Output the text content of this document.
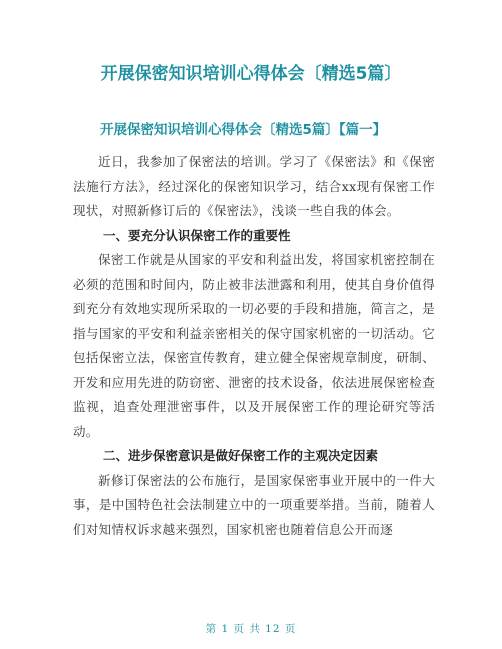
开展保密知识培训心得体会〔精选5篇〕
开展保密知识培训心得体会〔精选5篇〕【篇一】

近日，我参加了保密法的培训。学习了《保密法》和《保密法施行方法》，经过深化的保密知识学习，结合xx现有保密工作现状，对照新修订后的《保密法》，浅谈一些自我的体会。

一、要充分认识保密工作的重要性

保密工作就是从国家的平安和利益出发，将国家机密控制在必须的范围和时间内，防止被非法泄露和利用，使其自身价值得到充分有效地实现所采取的一切必要的手段和措施，简言之，是指与国家的平安和利益亲密相关的保守国家机密的一切活动。它包括保密立法，保密宣传教育，建立健全保密规章制度，研制、开发和应用先进的防窃密、泄密的技术设备，依法进展保密检查监视，追查处理泄密事件，以及开展保密工作的理论研究等活动。

二、进步保密意识是做好保密工作的主观决定因素

新修订保密法的公布施行，是国家保密事业开展中的一件大事，是中国特色社会法制建立中的一项重要举措。当前，随着人们对知情权诉求越来强烈，国家机密也随着信息公开而逐

第 1 页 共 12 页
